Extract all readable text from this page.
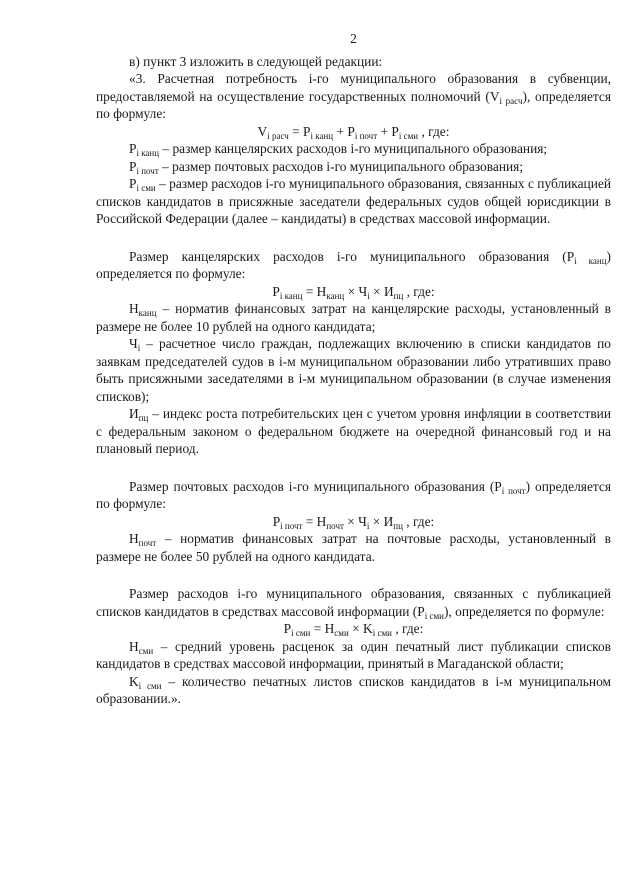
2

в) пункт 3 изложить в следующей редакции:

«3. Расчетная потребность i-го муниципального образования в субвенции, предоставляемой на осуществление государственных полномочий $(V_{i расч})$, определяется по формуле:

$V_{i расч} = P_{i канц} + P_{i почт} + P_{i сми}$ , где:

$P_{i канц}$ – размер канцелярских расходов i-го муниципального образования;

$P_{i почт}$ – размер почтовых расходов i-го муниципального образования;

$P_{i сми}$ – размер расходов i-го муниципального образования, связанных с публикацией списков кандидатов в присяжные заседатели федеральных судов общей юрисдикции в Российской Федерации (далее – кандидаты) в средствах массовой информации.

Размер канцелярских расходов i-го муниципального образования $(P_{i канц})$ определяется по формуле:

$P_{i канц} = Н_{канц} \times Ч_i \times И_{пц}$ , где:

$Н_{канц}$ – норматив финансовых затрат на канцелярские расходы, установленный в размере не более 10 рублей на одного кандидата;

$Ч_i$ – расчетное число граждан, подлежащих включению в списки кандидатов по заявкам председателей судов в i-м муниципальном образовании либо утративших право быть присяжными заседателями в i-м муниципальном образовании (в случае изменения списков);

$И_{пц}$ – индекс роста потребительских цен с учетом уровня инфляции в соответствии с федеральным законом о федеральном бюджете на очередной финансовый год и на плановый период.

Размер почтовых расходов i-го муниципального образования $(P_{i почт})$ определяется по формуле:

$P_{i почт} = Н_{почт} \times Ч_i \times И_{пц}$ , где:

$Н_{почт}$ – норматив финансовых затрат на почтовые расходы, установленный в размере не более 50 рублей на одного кандидата.

Размер расходов i-го муниципального образования, связанных с публикацией списков кандидатов в средствах массовой информации $(P_{i сми})$, определяется по формуле:

$P_{i сми} = Н_{сми} \times K_{i сми}$ , где:

$Н_{сми}$ – средний уровень расценок за один печатный лист публикации списков кандидатов в средствах массовой информации, принятый в Магаданской области;

$K_{i сми}$ – количество печатных листов списков кандидатов в i-м муниципальном образовании.».
